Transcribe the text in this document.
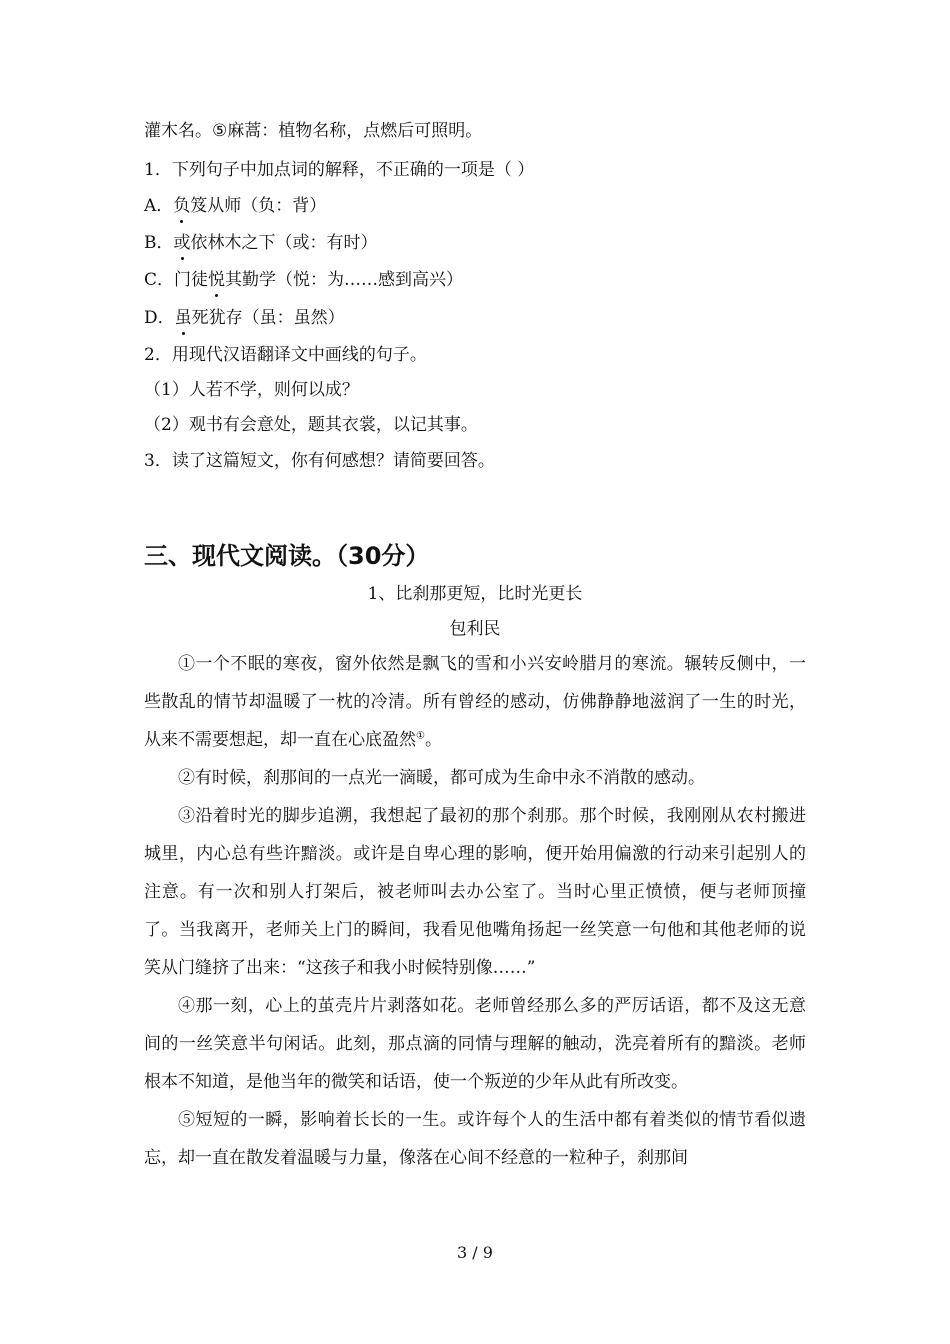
灌木名。⑤麻蒿：植物名称，点燃后可照明。
1．下列句子中加点词的解释，不正确的一项是（ ）
A．负笈从师（负：背）
B．或依林木之下（或：有时）
C．门徒悦其勤学（悦：为……感到高兴）
D．虽死犹存（虽：虽然）
2．用现代汉语翻译文中画线的句子。
（1）人若不学，则何以成？
（2）观书有会意处，题其衣裳，以记其事。
3．读了这篇短文，你有何感想？请简要回答。
三、现代文阅读。（30分）
1、比刹那更短，比时光更长
包利民

①一个不眠的寒夜，窗外依然是飘飞的雪和小兴安岭腊月的寒流。辗转反侧中，一些散乱的情节却温暖了一枕的冷清。所有曾经的感动，仿佛静静地滋润了一生的时光，从来不需要想起，却一直在心底盈然①。

②有时候，刹那间的一点光一滴暖，都可成为生命中永不消散的感动。

③沿着时光的脚步追溯，我想起了最初的那个刹那。那个时候，我刚刚从农村搬进城里，内心总有些许黯淡。或许是自卑心理的影响，便开始用偏激的行动来引起别人的注意。有一次和别人打架后，被老师叫去办公室了。当时心里正愤愤，便与老师顶撞了。当我离开，老师关上门的瞬间，我看见他嘴角扬起一丝笑意一句他和其他老师的说笑从门缝挤了出来：“这孩子和我小时候特别像……”

④那一刻，心上的茧壳片片剥落如花。老师曾经那么多的严厉话语，都不及这无意间的一丝笑意半句闲话。此刻，那点滴的同情与理解的触动，洗亮着所有的黯淡。老师根本不知道，是他当年的微笑和话语，使一个叛逆的少年从此有所改变。

⑤短短的一瞬，影响着长长的一生。或许每个人的生活中都有着类似的情节看似遗忘，却一直在散发着温暖与力量，像落在心间不经意的一粒种子，刹那间

3 / 9
